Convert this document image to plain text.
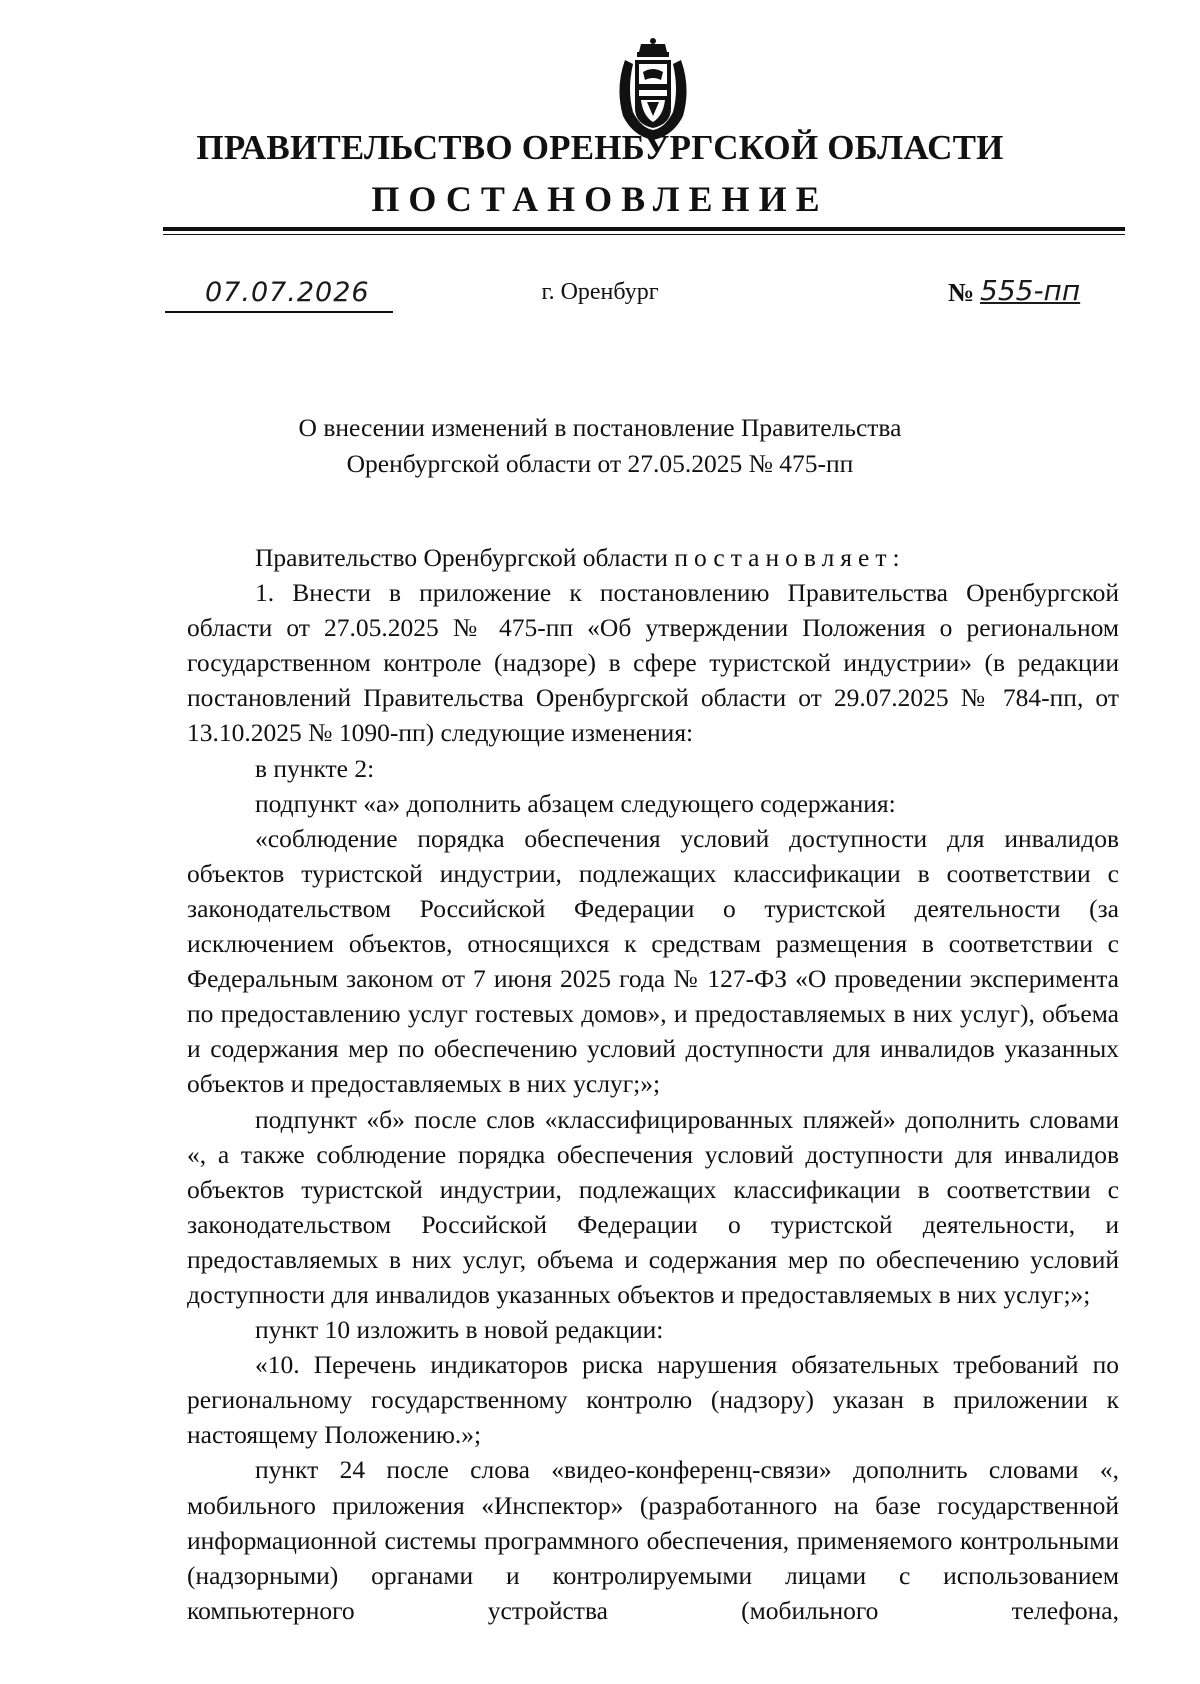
ПРАВИТЕЛЬСТВО ОРЕНБУРГСКОЙ ОБЛАСТИ
ПОСТАНОВЛЕНИЕ
07.07.2026	г. Оренбург	№ 555-пп
О внесении изменений в постановление Правительства
Оренбургской области от 27.05.2025 № 475-пп

Правительство Оренбургской области постановляет:

1. Внести в приложение к постановлению Правительства Оренбургской области от 27.05.2025 № 475-пп «Об утверждении Положения о региональном государственном контроле (надзоре) в сфере туристской индустрии» (в редакции постановлений Правительства Оренбургской области от 29.07.2025 № 784-пп, от 13.10.2025 № 1090-пп) следующие изменения:

в пункте 2:

подпункт «а» дополнить абзацем следующего содержания:

«соблюдение порядка обеспечения условий доступности для инвалидов объектов туристской индустрии, подлежащих классификации в соответствии с законодательством Российской Федерации о туристской деятельности (за исключением объектов, относящихся к средствам размещения в соответствии с Федеральным законом от 7 июня 2025 года № 127-ФЗ «О проведении эксперимента по предоставлению услуг гостевых домов», и предоставляемых в них услуг), объема и содержания мер по обеспечению условий доступности для инвалидов указанных объектов и предоставляемых в них услуг;»;

подпункт «б» после слов «классифицированных пляжей» дополнить словами «, а также соблюдение порядка обеспечения условий доступности для инвалидов объектов туристской индустрии, подлежащих классификации в соответствии с законодательством Российской Федерации о туристской деятельности, и предоставляемых в них услуг, объема и содержания мер по обеспечению условий доступности для инвалидов указанных объектов и предоставляемых в них услуг;»;

пункт 10 изложить в новой редакции:

«10. Перечень индикаторов риска нарушения обязательных требований по региональному государственному контролю (надзору) указан в приложении к настоящему Положению.»;

пункт 24 после слова «видео-конференц-связи» дополнить словами «, мобильного приложения «Инспектор» (разработанного на базе государственной информационной системы программного обеспечения, применяемого контрольными (надзорными) органами и контролируемыми лицами с использованием компьютерного устройства (мобильного телефона,
